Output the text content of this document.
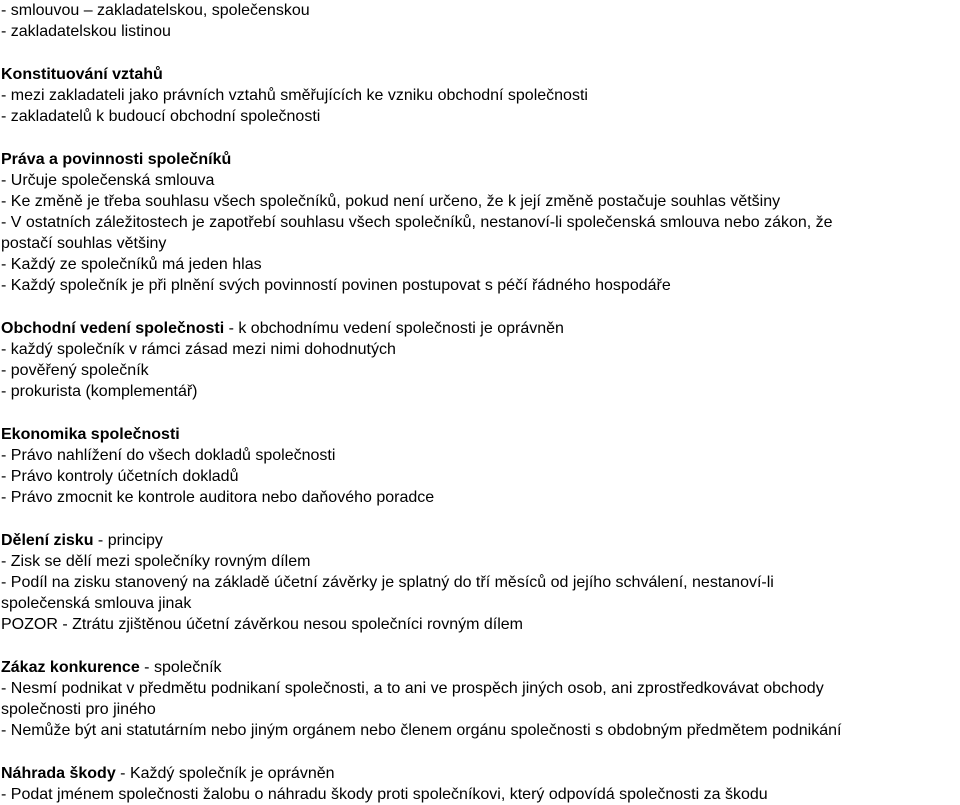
- smlouvou – zakladatelskou, společenskou
- zakladatelskou listinou
Konstituování vztahů
- mezi zakladateli jako právních vztahů směřujících ke vzniku obchodní společnosti
- zakladatelů k budoucí obchodní společnosti
Práva a povinnosti společníků
- Určuje společenská smlouva
- Ke změně je třeba souhlasu všech společníků, pokud není určeno, že k její změně postačuje souhlas většiny
- V ostatních záležitostech je zapotřebí souhlasu všech společníků, nestanoví-li společenská smlouva nebo zákon, že
postačí souhlas většiny
- Každý ze společníků má jeden hlas
- Každý společník je při plnění svých povinností povinen postupovat s péčí řádného hospodáře
Obchodní vedení společnosti - k obchodnímu vedení společnosti je oprávněn
- každý společník v rámci zásad mezi nimi dohodnutých
- pověřený společník
- prokurista (komplementář)
Ekonomika společnosti
- Právo nahlížení do všech dokladů společnosti
- Právo kontroly účetních dokladů
- Právo zmocnit ke kontrole auditora nebo daňového poradce
Dělení zisku - principy
- Zisk se dělí mezi společníky rovným dílem
- Podíl na zisku stanovený na základě účetní závěrky je splatný do tří měsíců od jejího schválení, nestanoví-li
společenská smlouva jinak
POZOR - Ztrátu zjištěnou účetní závěrkou nesou společníci rovným dílem
Zákaz konkurence - společník
- Nesmí podnikat v předmětu podnikaní společnosti, a to ani ve prospěch jiných osob, ani zprostředkovávat obchody
společnosti pro jiného
- Nemůže být ani statutárním nebo jiným orgánem nebo členem orgánu společnosti s obdobným předmětem podnikání
Náhrada škody - Každý společník je oprávněn
- Podat jménem společnosti žalobu o náhradu škody proti společníkovi, který odpovídá společnosti za škodu
